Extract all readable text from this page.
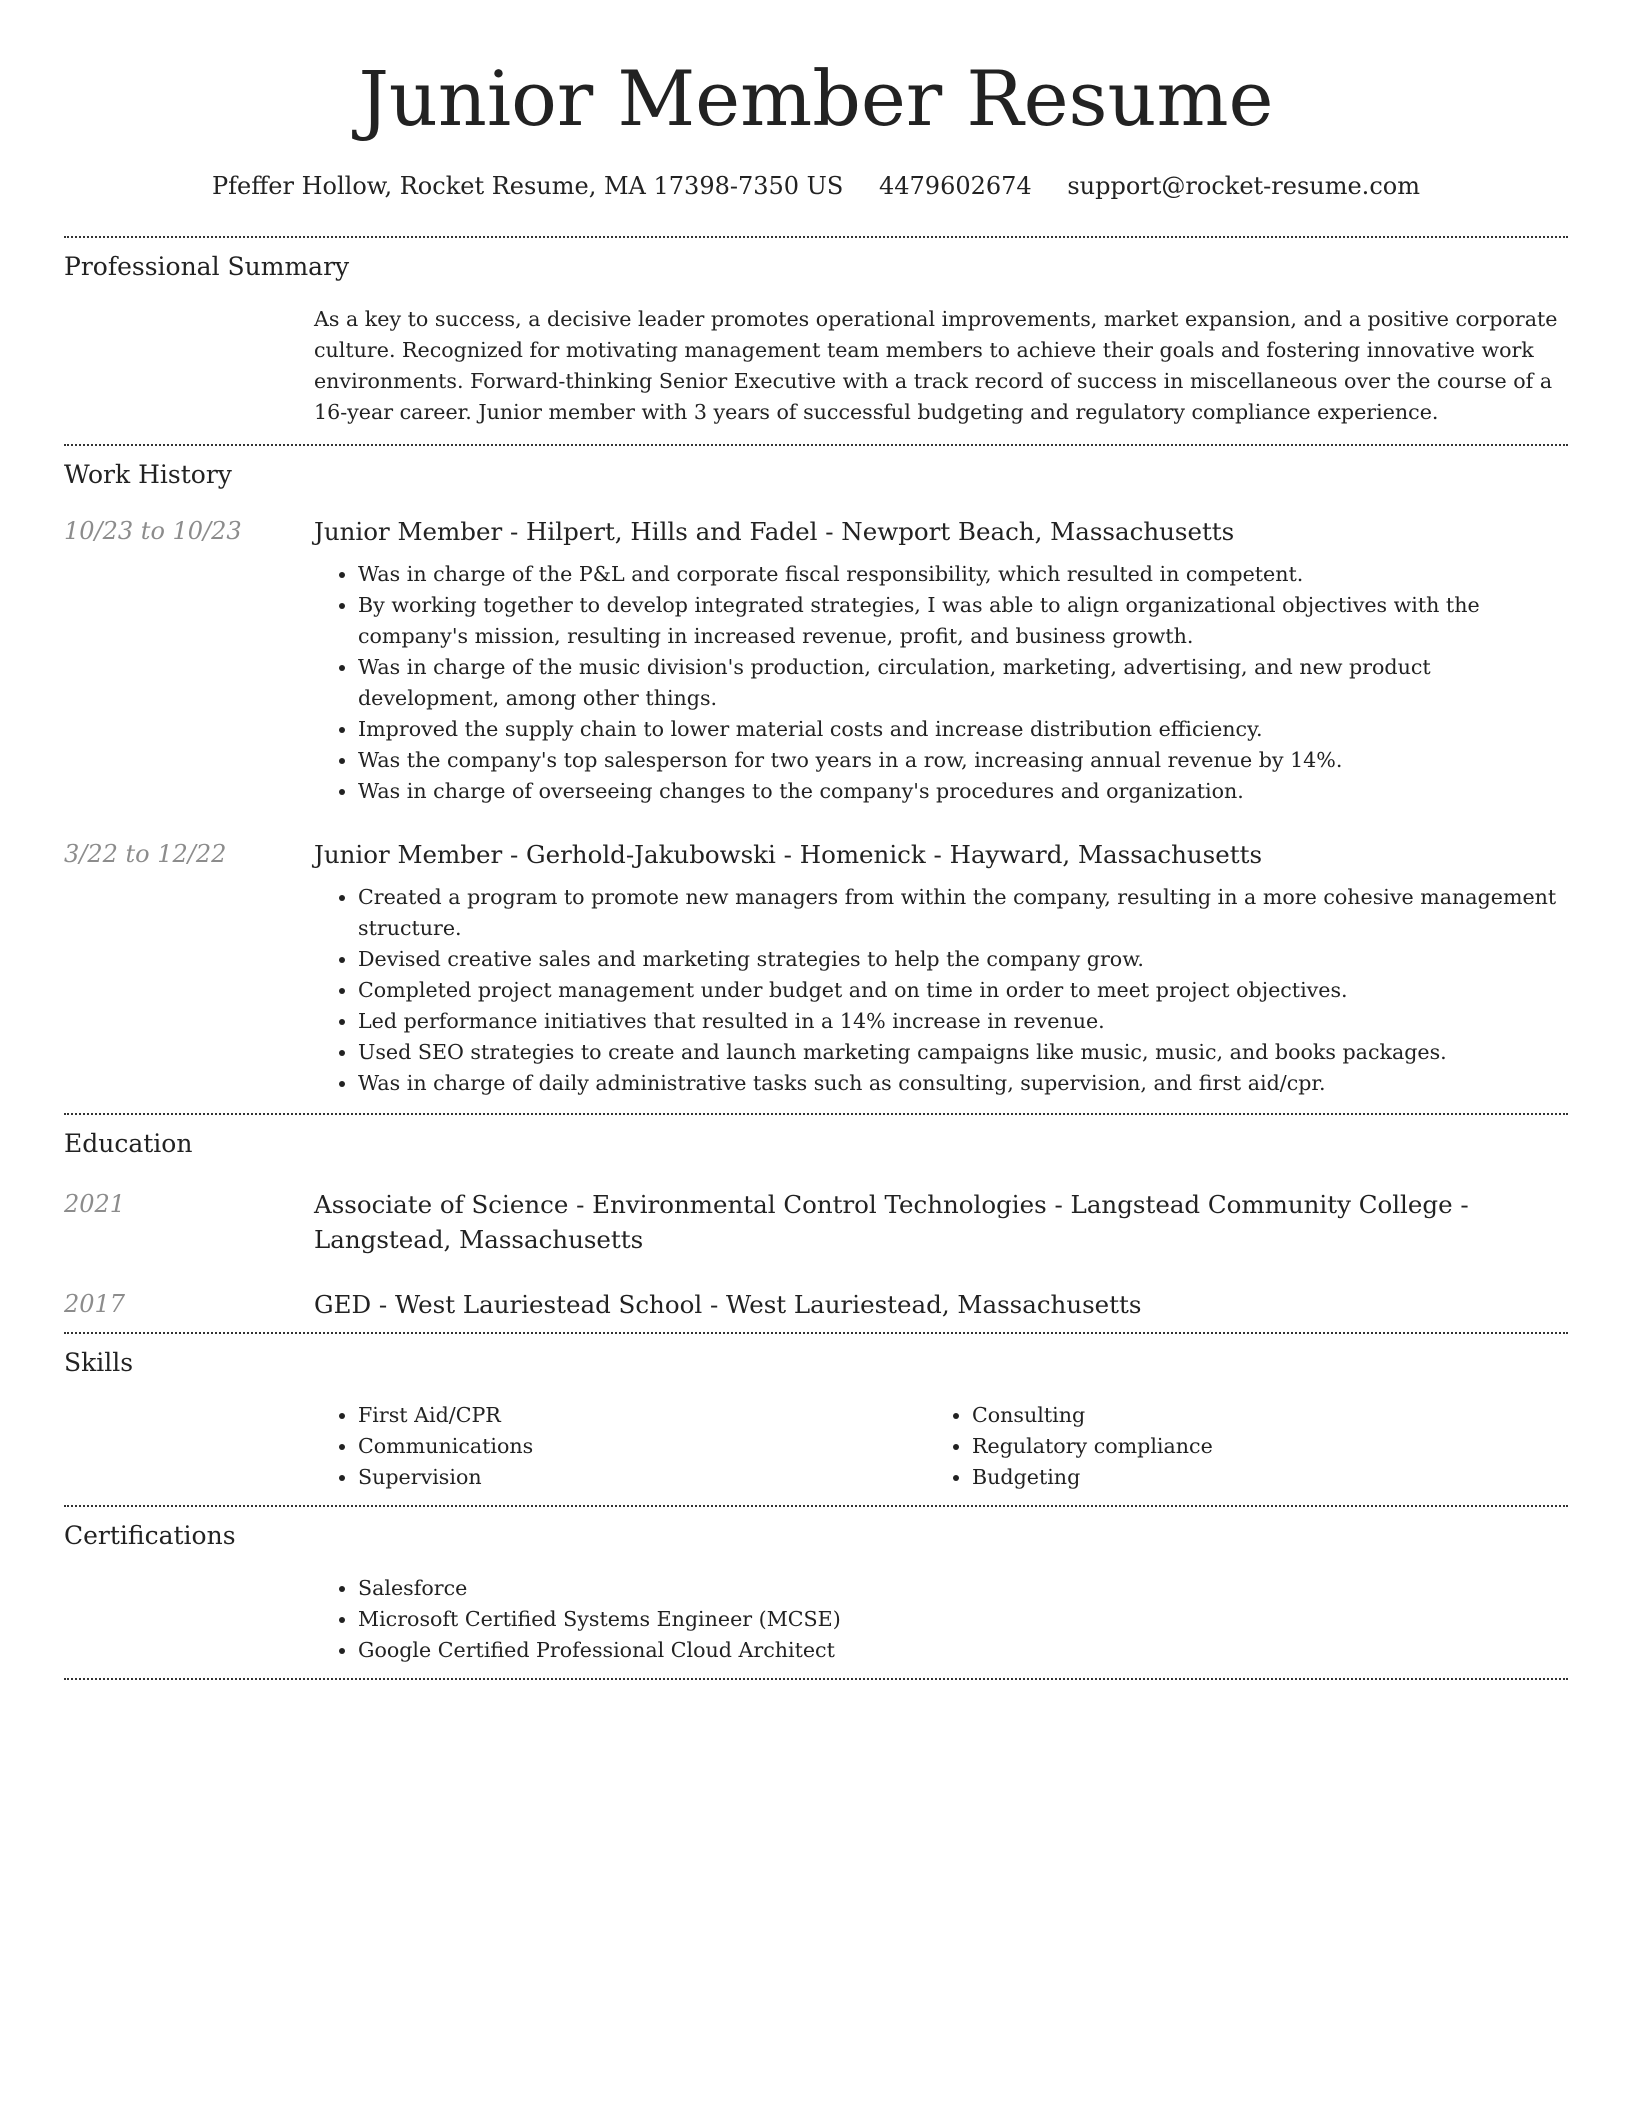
Junior Member Resume
Pfeffer Hollow, Rocket Resume, MA 17398-7350 US 4479602674 support@rocket-resume.com
Professional Summary

As a key to success, a decisive leader promotes operational improvements, market expansion, and a positive corporate culture. Recognized for motivating management team members to achieve their goals and fostering innovative work environments. Forward-thinking Senior Executive with a track record of success in miscellaneous over the course of a 16-year career. Junior member with 3 years of successful budgeting and regulatory compliance experience.

Work History
10/23 to 10/23	Junior Member - Hilpert, Hills and Fadel - Newport Beach, Massachusetts
• Was in charge of the P&L and corporate fiscal responsibility, which resulted in competent.
• By working together to develop integrated strategies, I was able to align organizational objectives with the company's mission, resulting in increased revenue, profit, and business growth.
• Was in charge of the music division's production, circulation, marketing, advertising, and new product development, among other things.
• Improved the supply chain to lower material costs and increase distribution efficiency.
• Was the company's top salesperson for two years in a row, increasing annual revenue by 14%.
• Was in charge of overseeing changes to the company's procedures and organization.
3/22 to 12/22	Junior Member - Gerhold-Jakubowski - Homenick - Hayward, Massachusetts
• Created a program to promote new managers from within the company, resulting in a more cohesive management structure.
• Devised creative sales and marketing strategies to help the company grow.
• Completed project management under budget and on time in order to meet project objectives.
• Led performance initiatives that resulted in a 14% increase in revenue.
• Used SEO strategies to create and launch marketing campaigns like music, music, and books packages.
• Was in charge of daily administrative tasks such as consulting, supervision, and first aid/cpr.
Education
2021	Associate of Science - Environmental Control Technologies - Langstead Community College - Langstead, Massachusetts
2017	GED - West Lauriestead School - West Lauriestead, Massachusetts
Skills
• First Aid/CPR
• Communications
• Supervision
• Consulting
• Regulatory compliance
• Budgeting
Certifications
• Salesforce
• Microsoft Certified Systems Engineer (MCSE)
• Google Certified Professional Cloud Architect
